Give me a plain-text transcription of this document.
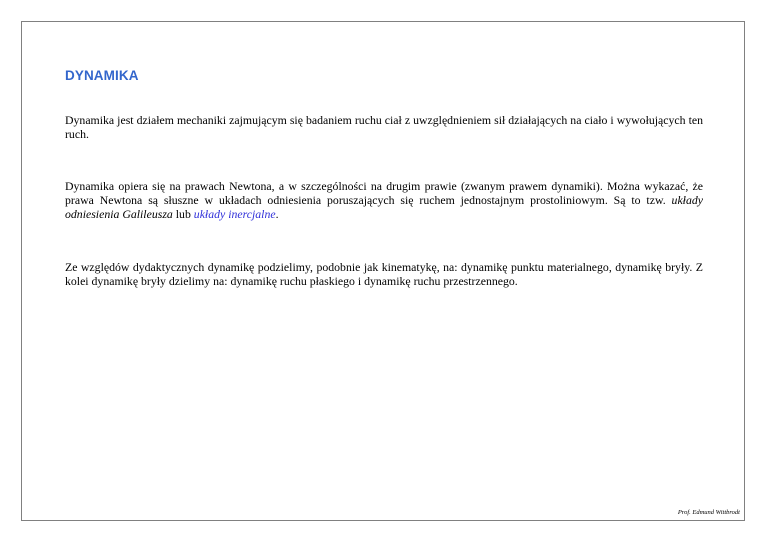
DYNAMIKA

Dynamika jest działem mechaniki zajmującym się badaniem ruchu ciał z uwzględnieniem sił działających na ciało i wywołujących ten ruch.

Dynamika opiera się na prawach Newtona, a w szczególności na drugim prawie (zwanym prawem dynamiki). Można wykazać, że prawa Newtona są słuszne w układach odniesienia poruszających się ruchem jednostajnym prostoliniowym. Są to tzw. układy odniesienia Galileusza lub układy inercjalne.

Ze względów dydaktycznych dynamikę podzielimy, podobnie jak kinematykę, na: dynamikę punktu materialnego, dynamikę bryły. Z kolei dynamikę bryły dzielimy na: dynamikę ruchu płaskiego i dynamikę ruchu przestrzennego.

Prof. Edmund Wittbrodt
